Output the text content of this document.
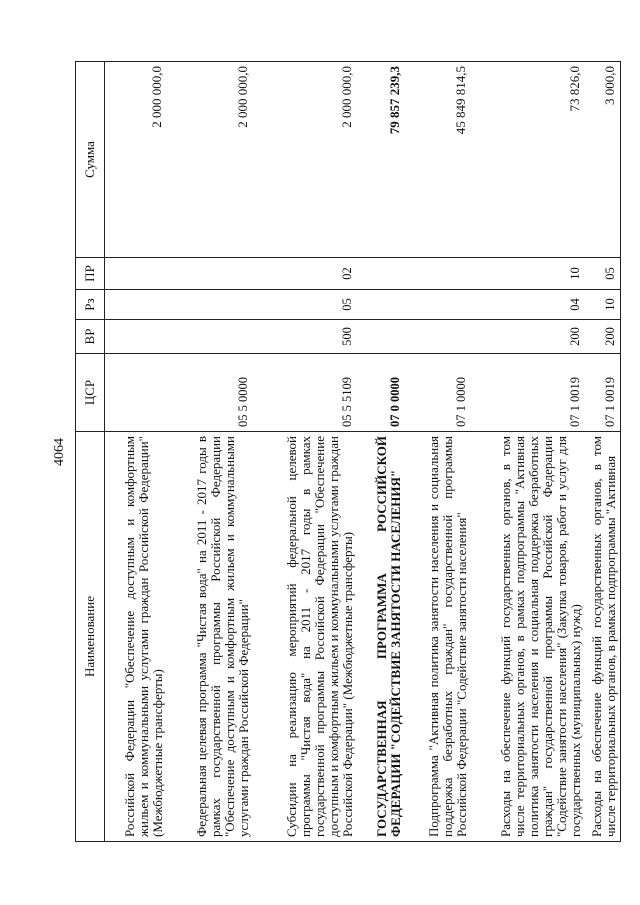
4064
Наименование	ЦСР	ВР	Рз	ПР	Сумма
Российской Федерации "Обеспечение доступным и комфортным жильем и коммунальными услугами граждан Российской Федерации" (Межбюджетные трансферты)					2 000 000,0
Федеральная целевая программа "Чистая вода" на 2011 - 2017 годы в рамках государственной программы Российской Федерации "Обеспечение доступным и комфортным жильем и коммунальными услугами граждан Российской Федерации"	05 5 0000				2 000 000,0
Субсидии на реализацию мероприятий федеральной целевой программы "Чистая вода" на 2011 - 2017 годы в рамках государственной программы Российской Федерации "Обеспечение доступным и комфортным жильем и коммунальными услугами граждан Российской Федерации" (Межбюджетные трансферты)	05 5 5109	500	05	02	2 000 000,0
ГОСУДАРСТВЕННАЯ ПРОГРАММА РОССИЙСКОЙ ФЕДЕРАЦИИ "СОДЕЙСТВИЕ ЗАНЯТОСТИ НАСЕЛЕНИЯ"	07 0 0000				79 857 239,3
Подпрограмма "Активная политика занятости населения и социальная поддержка безработных граждан" государственной программы Российской Федерации "Содействие занятости населения"	07 1 0000				45 849 814,5
Расходы на обеспечение функций государственных органов, в том числе территориальных органов, в рамках подпрограммы "Активная политика занятости населения и социальная поддержка безработных граждан" государственной программы Российской Федерации "Содействие занятости населения" (Закупка товаров, работ и услуг для государственных (муниципальных) нужд)	07 1 0019	200	04	10	73 826,0
Расходы на обеспечение функций государственных органов, в том числе территориальных органов, в рамках подпрограммы "Активная	07 1 0019	200	10	05	3 000,0
